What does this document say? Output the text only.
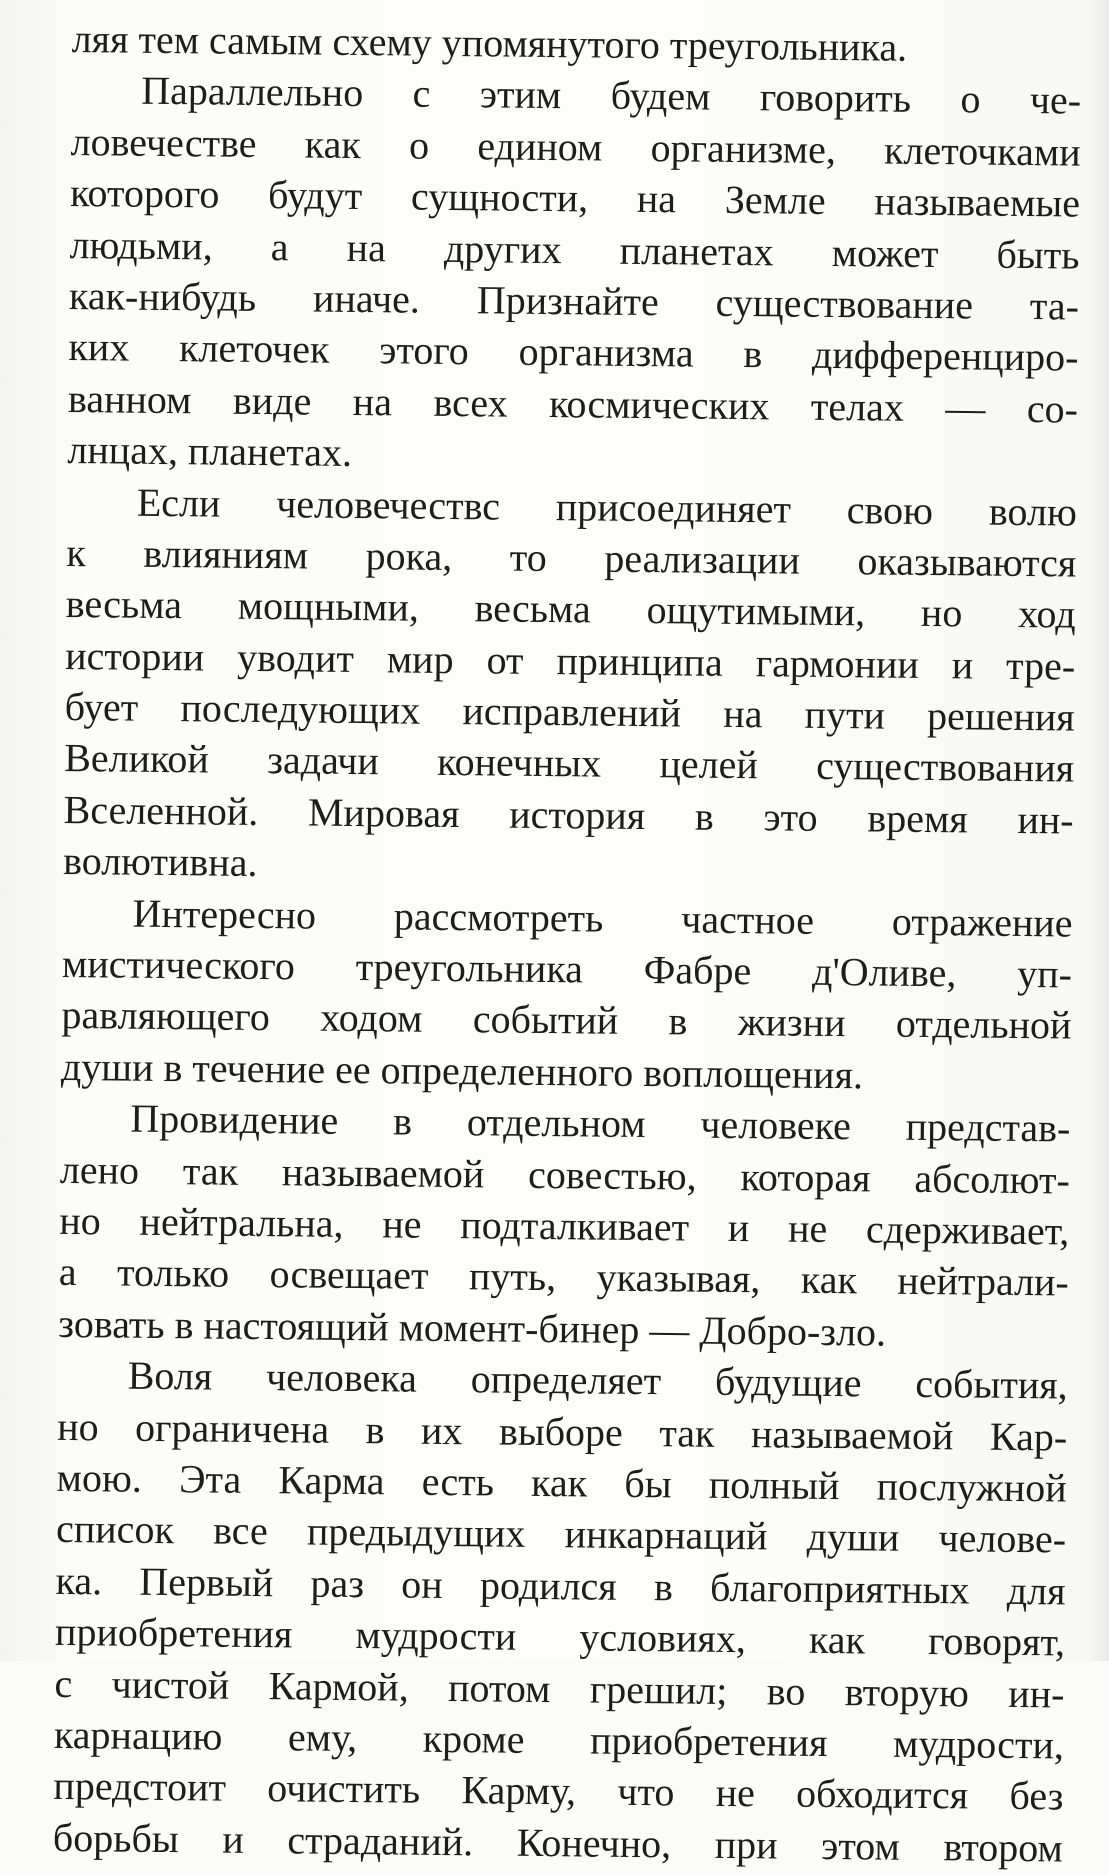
ляя тем самым схему упомянутого треугольника.
Параллельно с этим будем говорить о че-
ловечестве как о едином организме, клеточками
которого будут сущности, на Земле называемые
людьми, а на других планетах может быть
как-нибудь иначе. Признайте существование та-
ких клеточек этого организма в дифференциро-
ванном виде на всех космических телах — со-
лнцах, планетах.
Если человечествс присоединяет свою волю
к влияниям рока, то реализации оказываются
весьма мощными, весьма ощутимыми, но ход
истории уводит мир от принципа гармонии и тре-
бует последующих исправлений на пути решения
Великой задачи конечных целей существования
Вселенной. Мировая история в это время ин-
волютивна.
Интересно рассмотреть частное отражение
мистического треугольника Фабре д'Оливе, уп-
равляющего ходом событий в жизни отдельной
души в течение ее определенного воплощения.
Провидение в отдельном человеке представ-
лено так называемой совестью, которая абсолют-
но нейтральна, не подталкивает и не сдерживает,
а только освещает путь, указывая, как нейтрали-
зовать в настоящий момент-бинер — Добро-зло.
Воля человека определяет будущие события,
но ограничена в их выборе так называемой Кар-
мою. Эта Карма есть как бы полный послужной
список все предыдущих инкарнаций души челове-
ка. Первый раз он родился в благоприятных для
приобретения мудрости условиях, как говорят,
с чистой Кармой, потом грешил; во вторую ин-
карнацию ему, кроме приобретения мудрости,
предстоит очистить Карму, что не обходится без
борьбы и страданий. Конечно, при этом втором
